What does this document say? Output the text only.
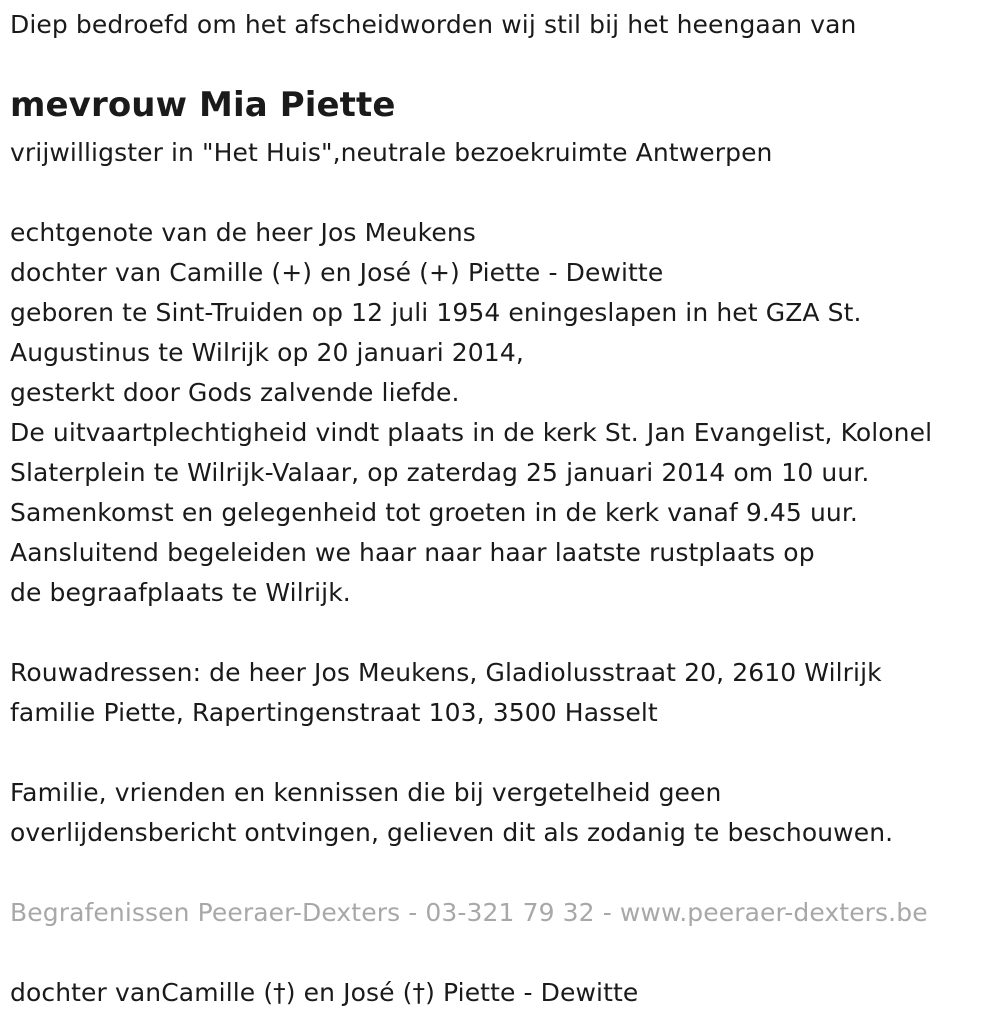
Diep bedroefd om het afscheidworden wij stil bij het heengaan van
mevrouw Mia Piette
vrijwilligster in "Het Huis",neutrale bezoekruimte Antwerpen
echtgenote van de heer Jos Meukens
dochter van Camille (+) en José (+) Piette - Dewitte
geboren te Sint-Truiden op 12 juli 1954 eningeslapen in het GZA St.
Augustinus te Wilrijk op 20 januari 2014,
gesterkt door Gods zalvende liefde.
De uitvaartplechtigheid vindt plaats in de kerk St. Jan Evangelist, Kolonel
Slaterplein te Wilrijk-Valaar, op zaterdag 25 januari 2014 om 10 uur.
Samenkomst en gelegenheid tot groeten in de kerk vanaf 9.45 uur.
Aansluitend begeleiden we haar naar haar laatste rustplaats op
de begraafplaats te Wilrijk.
Rouwadressen: de heer Jos Meukens, Gladiolusstraat 20, 2610 Wilrijk
familie Piette, Rapertingenstraat 103, 3500 Hasselt
Familie, vrienden en kennissen die bij vergetelheid geen
overlijdensbericht ontvingen, gelieven dit als zodanig te beschouwen.
Begrafenissen Peeraer-Dexters - 03-321 79 32 - www.peeraer-dexters.be
dochter vanCamille (†) en José (†) Piette - Dewitte
